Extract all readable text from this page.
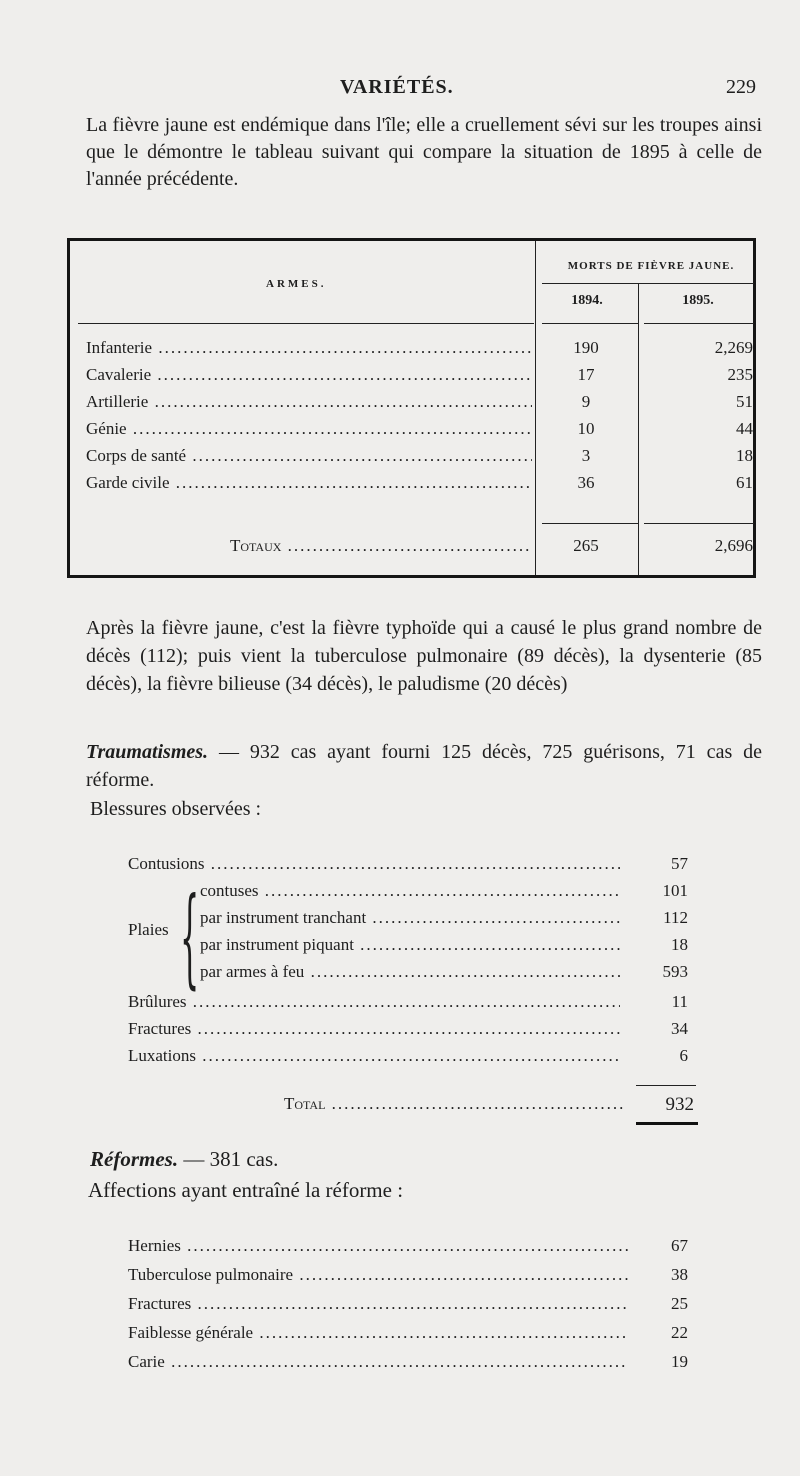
VARIÉTÉS.	229

La fièvre jaune est endémique dans l'île; elle a cruellement sévi sur les troupes ainsi que le démontre le tableau suivant qui compare la situation de 1895 à celle de l'année précédente.

ARMES.
MORTS DE FIÈVRE JAUNE.
1894.	1895.
Infanterie .....	190	2,269
Cavalerie .....	17	235
Artillerie .....	9	51
Génie .....	10	44
Corps de santé .....	3	18
Garde civile .....	36	61
Totaux .....	265	2,696

Après la fièvre jaune, c'est la fièvre typhoïde qui a causé le plus grand nombre de décès (112); puis vient la tuberculose pulmonaire (89 décès), la dysenterie (85 décès), la fièvre bilieuse (34 décès), le paludisme (20 décès)

Traumatismes. — 932 cas ayant fourni 125 décès, 725 guérisons, 71 cas de réforme.

Blessures observées :
Contusions .....	57
Plaies { contuses .....	101
par instrument tranchant .....	112
par instrument piquant .....	18
par armes à feu .....	593
Brûlures .....	11
Fractures .....	34
Luxations .....	6
Total .....	932
Réformes. — 381 cas.
Affections ayant entraîné la réforme :
Hernies .....	67
Tuberculose pulmonaire .....	38
Fractures .....	25
Faiblesse générale .....	22
Carie .....	19
